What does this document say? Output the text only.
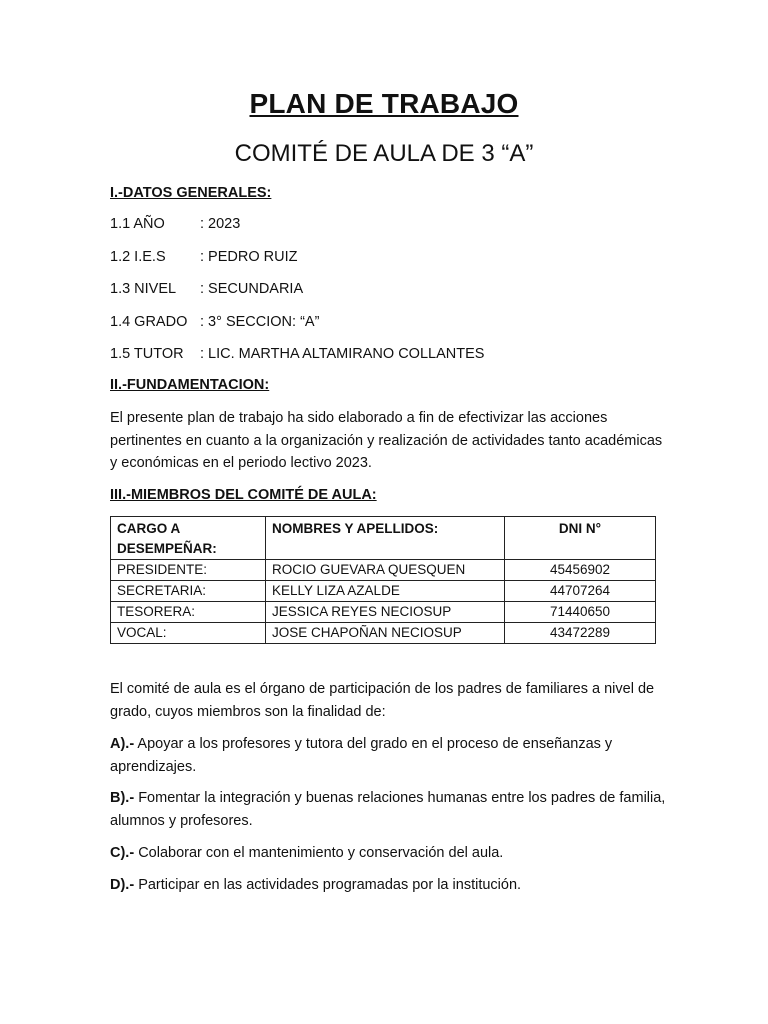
PLAN DE TRABAJO
COMITÉ DE AULA DE 3 “A”
I.-DATOS GENERALES:
1.1 AÑO : 2023
1.2 I.E.S : PEDRO RUIZ
1.3 NIVEL : SECUNDARIA
1.4 GRADO : 3° SECCION: “A”
1.5 TUTOR : LIC. MARTHA ALTAMIRANO COLLANTES
II.-FUNDAMENTACION:
El presente plan de trabajo ha sido elaborado a fin de efectivizar las acciones pertinentes en cuanto a la organización y realización de actividades tanto académicas y económicas en el periodo lectivo 2023.
III.-MIEMBROS DEL COMITÉ DE AULA:
CARGO A DESEMPEÑAR:	NOMBRES Y APELLIDOS:	DNI N°
PRESIDENTE:	ROCIO GUEVARA QUESQUEN	45456902
SECRETARIA:	KELLY LIZA AZALDE	44707264
TESORERA:	JESSICA REYES NECIOSUP	71440650
VOCAL:	JOSE CHAPOÑAN NECIOSUP	43472289
El comité de aula es el órgano de participación de los padres de familiares a nivel de grado, cuyos miembros son la finalidad de:
A).- Apoyar a los profesores y tutora del grado en el proceso de enseñanzas y aprendizajes.
B).- Fomentar la integración y buenas relaciones humanas entre los padres de familia, alumnos y profesores.
C).- Colaborar con el mantenimiento y conservación del aula.
D).- Participar en las actividades programadas por la institución.
